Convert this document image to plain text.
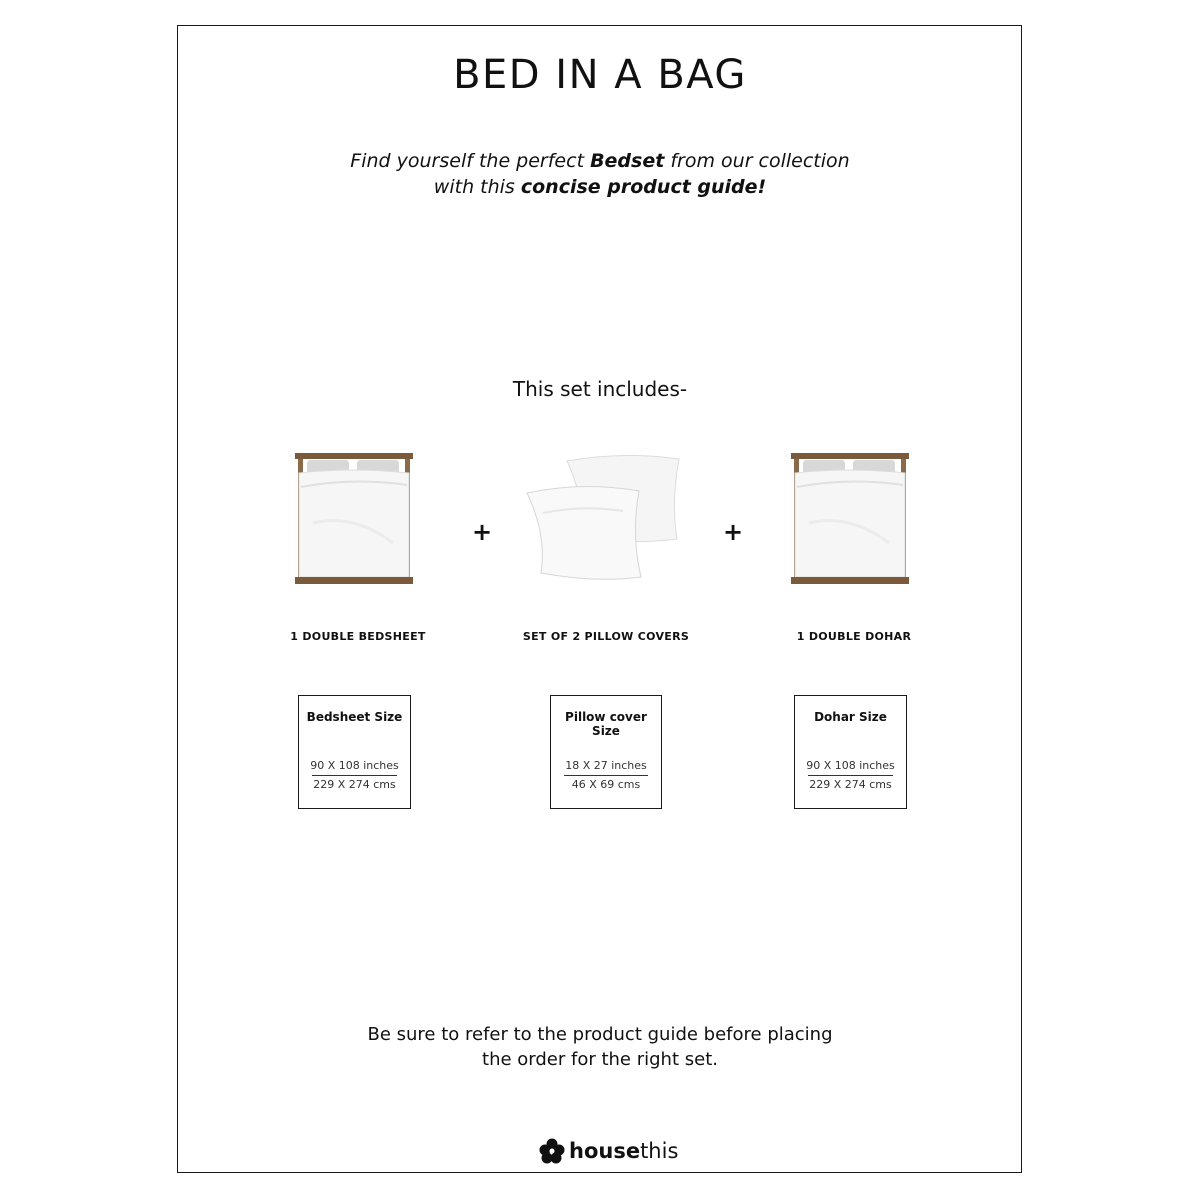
BED IN A BAG
Find yourself the perfect Bedset from our collection
with this concise product guide!
This set includes-
+	+
1 DOUBLE BEDSHEET	SET OF 2 PILLOW COVERS	1 DOUBLE DOHAR
Bedsheet Size
90 X 108 inches
229 X 274 cms
Pillow cover Size
18 X 27 inches
46 X 69 cms
Dohar Size
90 X 108 inches
229 X 274 cms
Be sure to refer to the product guide before placing
the order for the right set.
housethis
